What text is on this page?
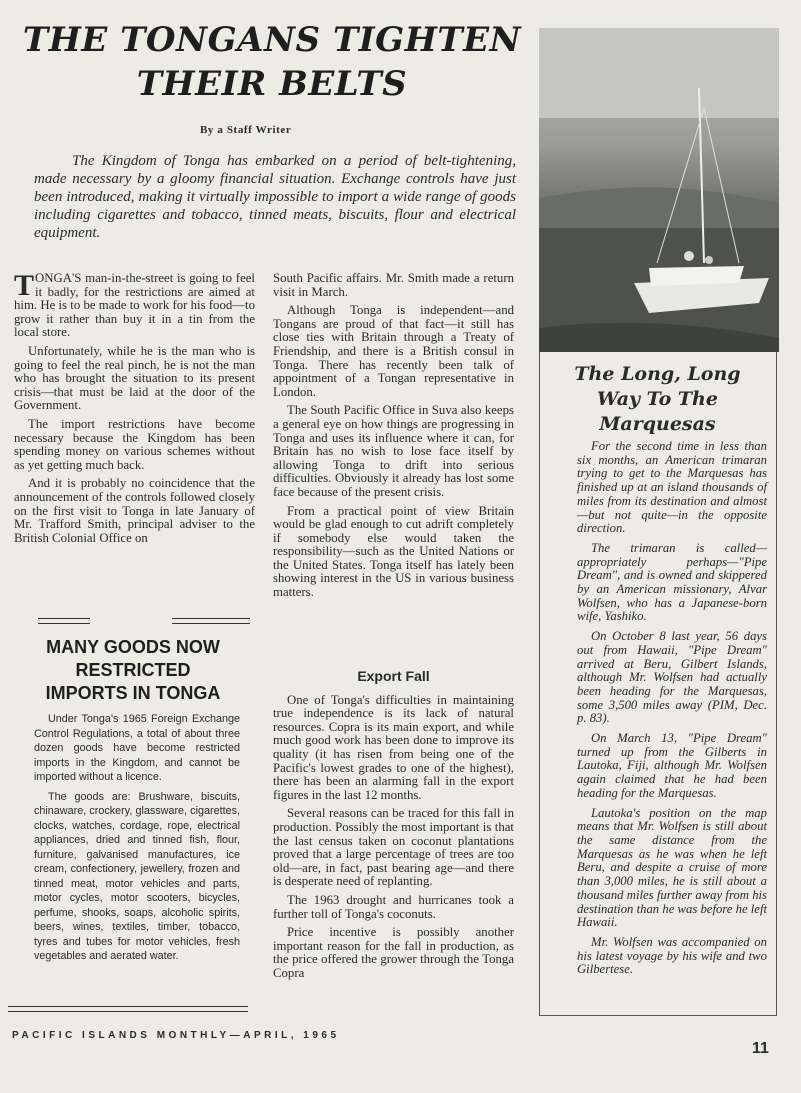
THE TONGANS TIGHTEN
THEIR BELTS
By a Staff Writer

The Kingdom of Tonga has embarked on a period of belt-tightening, made necessary by a gloomy financial situation. Exchange controls have just been introduced, making it virtually impossible to import a wide range of goods including cigarettes and tobacco, tinned meats, biscuits, flour and electrical equipment.

TONGA'S man-in-the-street is going to feel it badly, for the restrictions are aimed at him. He is to be made to work for his food—to grow it rather than buy it in a tin from the local store.

Unfortunately, while he is the man who is going to feel the real pinch, he is not the man who has brought the situation to its present crisis—that must be laid at the door of the Government.

The import restrictions have become necessary because the Kingdom has been spending money on various schemes without as yet getting much back.

And it is probably no coincidence that the announcement of the controls followed closely on the first visit to Tonga in late January of Mr. Trafford Smith, principal adviser to the British Colonial Office on

South Pacific affairs. Mr. Smith made a return visit in March.

Although Tonga is independent—and Tongans are proud of that fact—it still has close ties with Britain through a Treaty of Friendship, and there is a British consul in Tonga. There has recently been talk of appointment of a Tongan representative in London.

The South Pacific Office in Suva also keeps a general eye on how things are progressing in Tonga and uses its influence where it can, for Britain has no wish to lose face itself by allowing Tonga to drift into serious difficulties. Obviously it already has lost some face because of the present crisis.

From a practical point of view Britain would be glad enough to cut adrift completely if somebody else would taken the responsibility—such as the United Nations or the United States. Tonga itself has lately been showing interest in the US in various business matters.

Export Fall

One of Tonga's difficulties in maintaining true independence is its lack of natural resources. Copra is its main export, and while much good work has been done to improve its quality (it has risen from being one of the Pacific's lowest grades to one of the highest), there has been an alarming fall in the export figures in the last 12 months.

Several reasons can be traced for this fall in production. Possibly the most important is that the last census taken on coconut plantations proved that a large percentage of trees are too old—are, in fact, past bearing age—and there is desperate need of replanting.

The 1963 drought and hurricanes took a further toll of Tonga's coconuts.

Price incentive is possibly another important reason for the fall in production, as the price offered the grower through the Tonga Copra

MANY GOODS NOW
RESTRICTED
IMPORTS IN TONGA

Under Tonga's 1965 Foreign Exchange Control Regulations, a total of about three dozen goods have become restricted imports in the Kingdom, and cannot be imported without a licence.

The goods are: Brushware, biscuits, chinaware, crockery, glassware, cigarettes, clocks, watches, cordage, rope, electrical appliances, dried and tinned fish, flour, furniture, galvanised manufactures, ice cream, confectionery, jewellery, frozen and tinned meat, motor vehicles and parts, motor cycles, motor scooters, bicycles, perfume, shooks, soaps, alcoholic spirits, beers, wines, textiles, timber, tobacco, tyres and tubes for motor vehicles, fresh vegetables and aerated water.

The Long, Long
Way To The
Marquesas

For the second time in less than six months, an American trimaran trying to get to the Marquesas has finished up at an island thousands of miles from its destination and almost—but not quite—in the opposite direction.

The trimaran is called—appropriately perhaps—"Pipe Dream", and is owned and skippered by an American missionary, Alvar Wolfsen, who has a Japanese-born wife, Yashiko.

On October 8 last year, 56 days out from Hawaii, "Pipe Dream" arrived at Beru, Gilbert Islands, although Mr. Wolfsen had actually been heading for the Marquesas, some 3,500 miles away (PIM, Dec. p. 83).

On March 13, "Pipe Dream" turned up from the Gilberts in Lautoka, Fiji, although Mr. Wolfsen again claimed that he had been heading for the Marquesas.

Lautoka's position on the map means that Mr. Wolfsen is still about the same distance from the Marquesas as he was when he left Beru, and despite a cruise of more than 3,000 miles, he is still about a thousand miles further away from his destination than he was before he left Hawaii.

Mr. Wolfsen was accompanied on his latest voyage by his wife and two Gilbertese.

PACIFIC ISLANDS MONTHLY—APRIL, 1965
11
